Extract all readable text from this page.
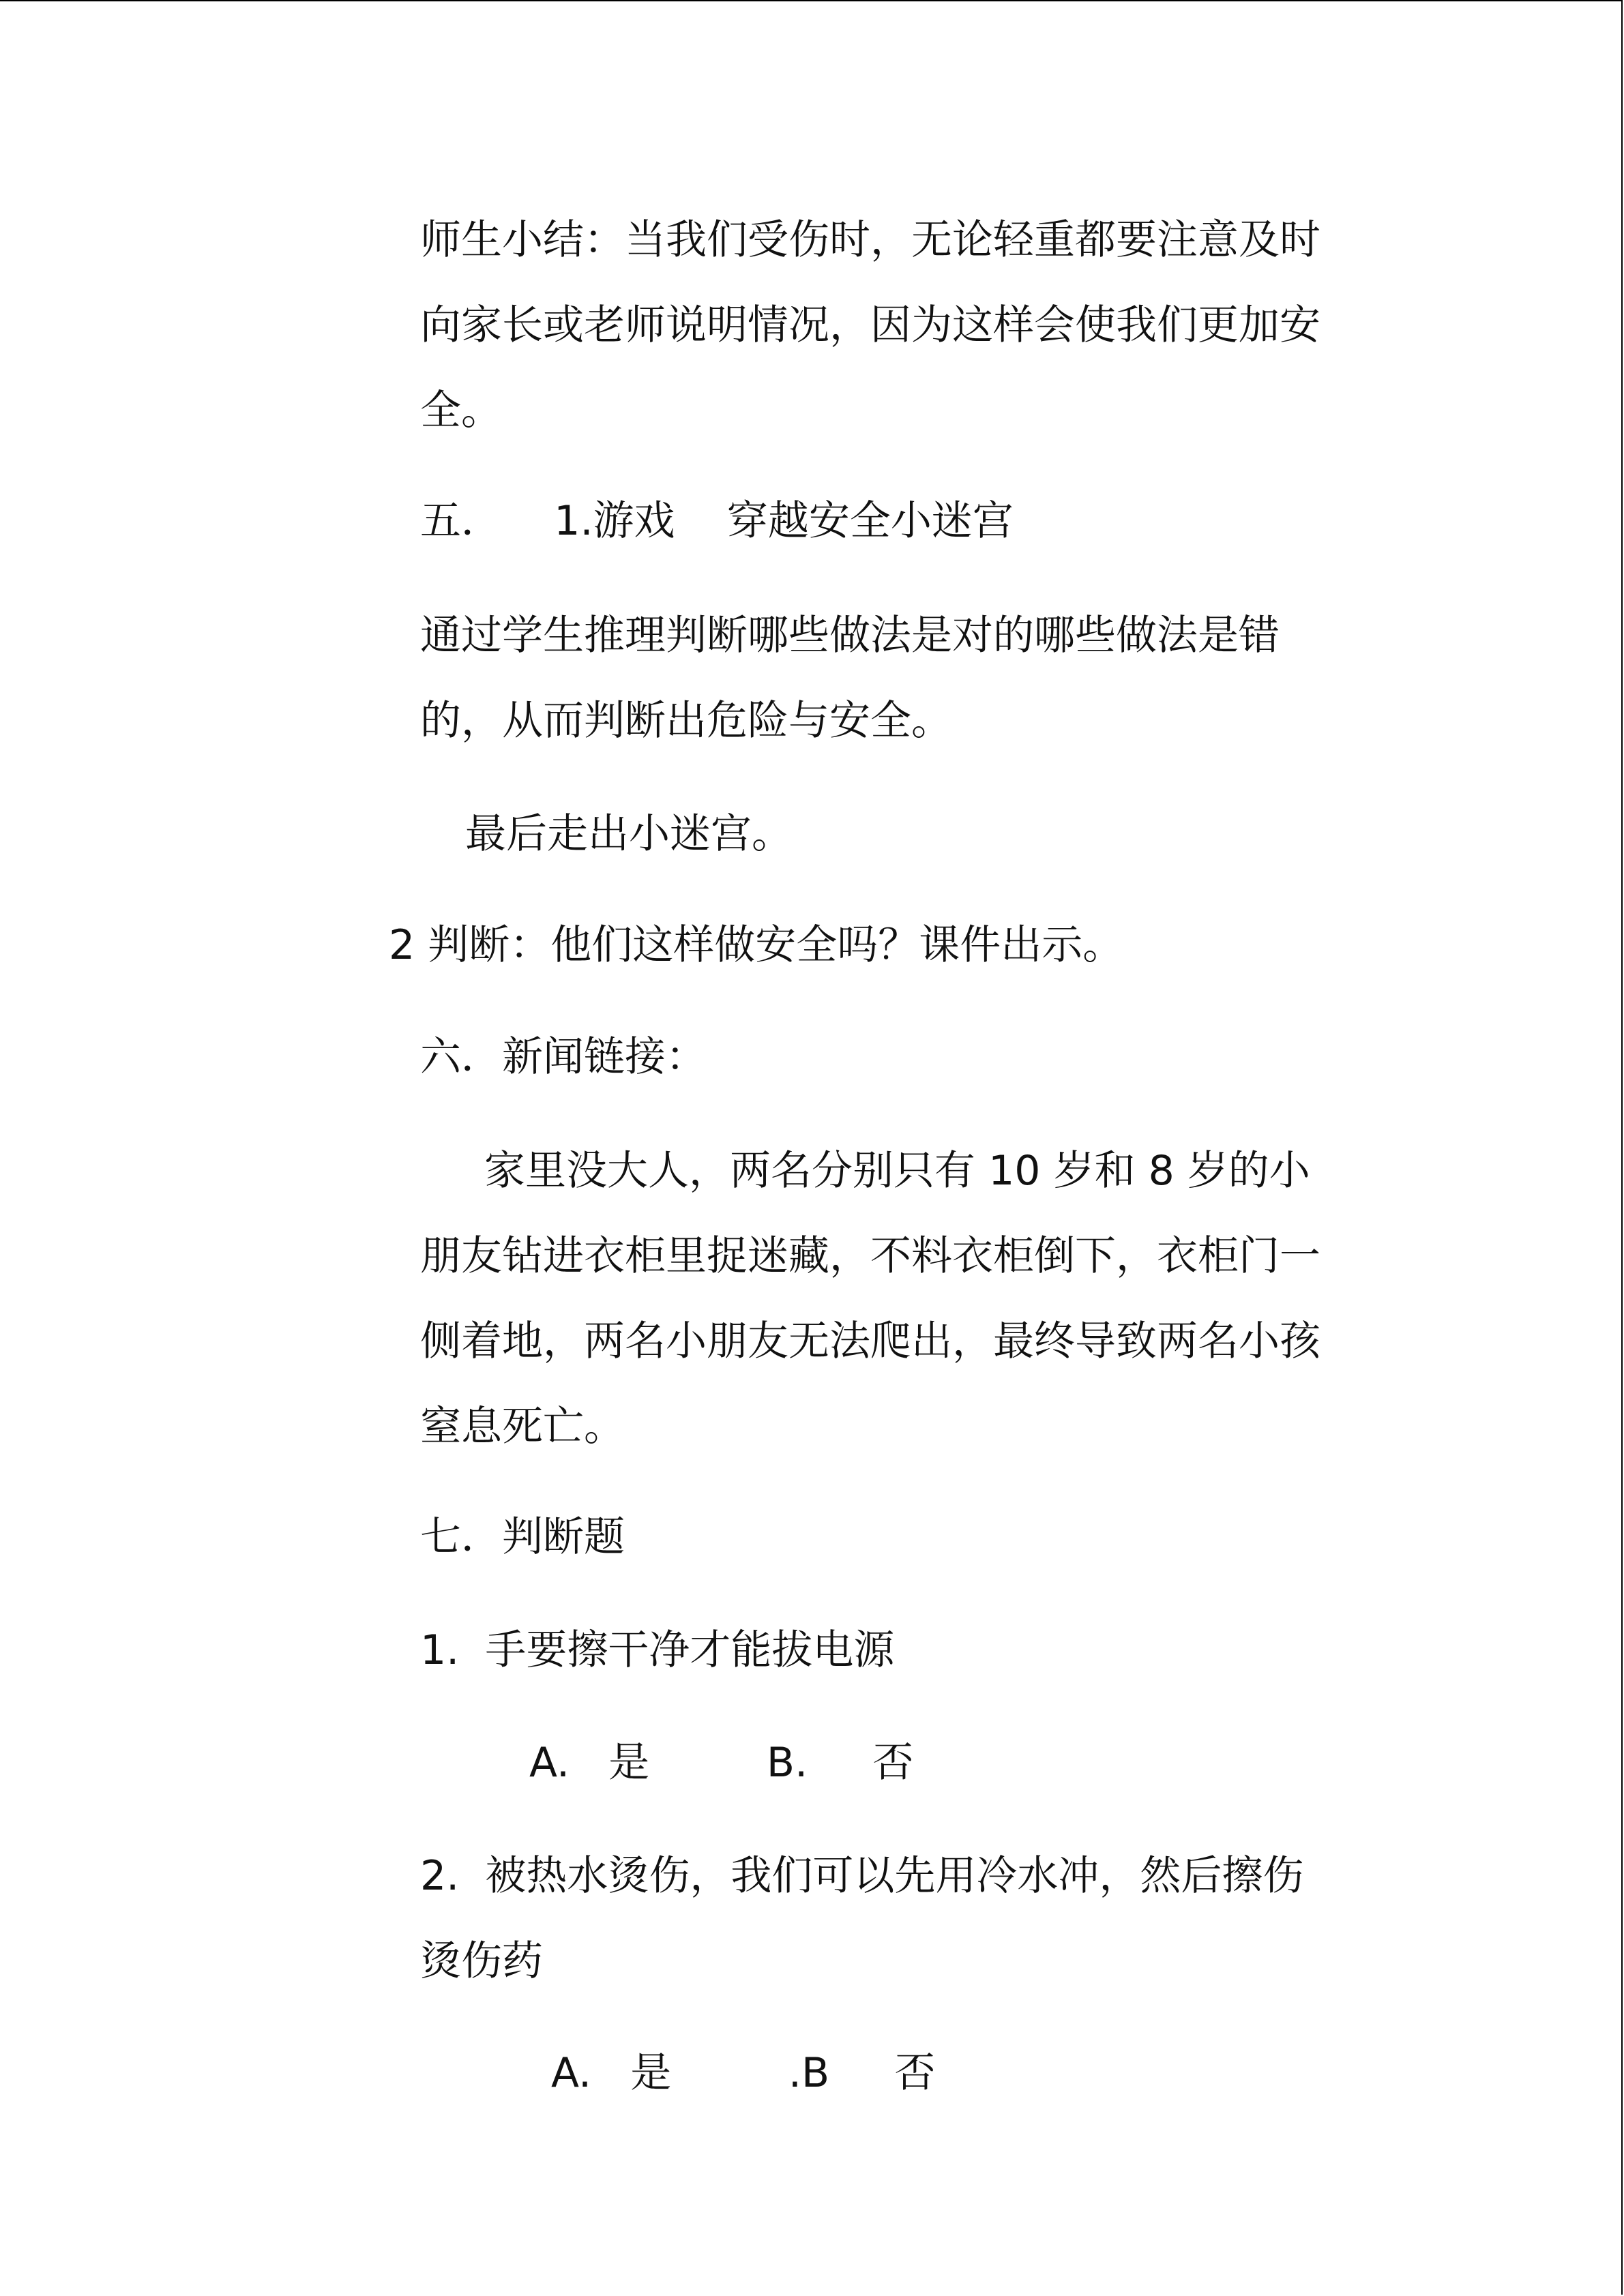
师生小结：当我们受伤时，无论轻重都要注意及时

向家长或老师说明情况，因为这样会使我们更加安

全。

五．    1.游戏    穿越安全小迷宫

通过学生推理判断哪些做法是对的哪些做法是错

的，从而判断出危险与安全。

最后走出小迷宫。

2 判断：他们这样做安全吗？课件出示。

六．新闻链接：

家里没大人，两名分别只有 10 岁和 8 岁的小

朋友钻进衣柜里捉迷藏，不料衣柜倒下，衣柜门一

侧着地，两名小朋友无法爬出，最终导致两名小孩

窒息死亡。

七．判断题

1.  手要擦干净才能拔电源

A.   是         B.     否

2.  被热水烫伤，我们可以先用冷水冲，然后擦伤

烫伤药

A.   是         .B     否
